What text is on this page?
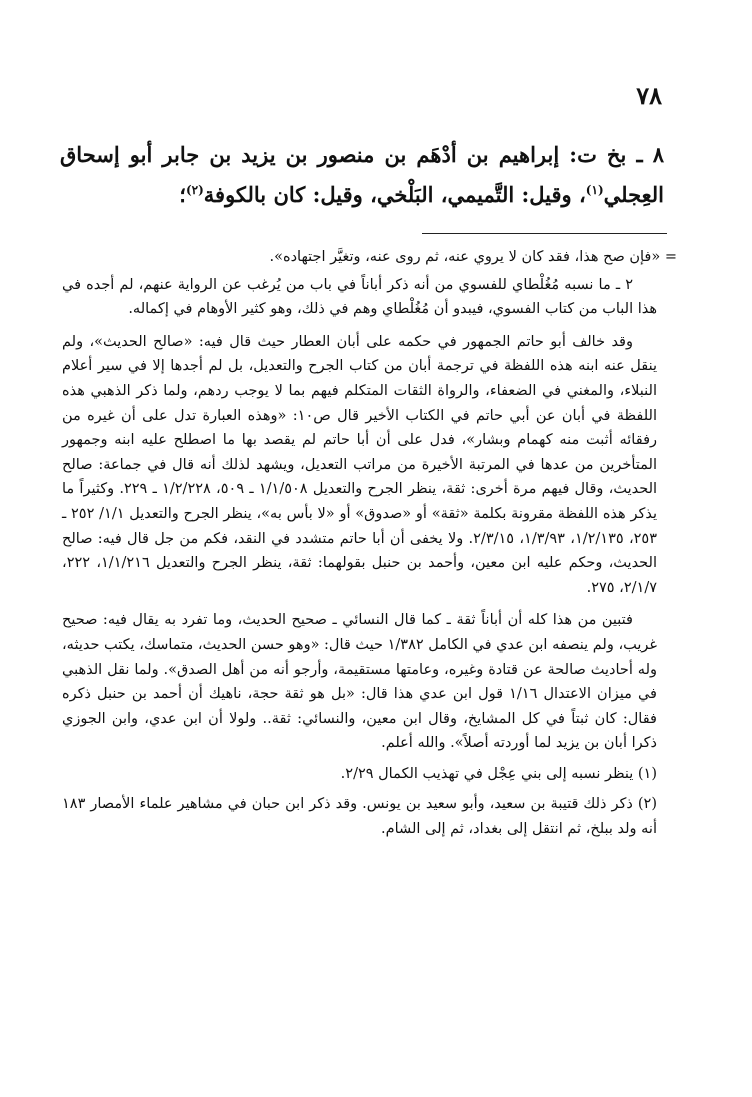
٧٨
٨ ـ بخ ت: إبراهيم بن أدْهَم بن منصور بن يزيد بن جابر أبو إسحاق العِجلي$^{(١)}$، وقيل: التَّميمي، البَلْخي، وقيل: كان بالكوفة$^{(٢)}$؛

= «فإن صح هذا، فقد كان لا يروي عنه، ثم روى عنه، وتغيَّر اجتهاده».

٢ ـ ما نسبه مُغُلْطاي للفسوي من أنه ذكر أباناً في باب من يُرغب عن الرواية عنهم، لم أجده في هذا الباب من كتاب الفسوي، فيبدو أن مُغُلْطاي وهم في ذلك، وهو كثير الأوهام في إكماله.

وقد خالف أبو حاتم الجمهور في حكمه على أبان العطار حيث قال فيه: «صالح الحديث»، ولم ينقل عنه ابنه هذه اللفظة في ترجمة أبان من كتاب الجرح والتعديل، بل لم أجدها إلا في سير أعلام النبلاء، والمغني في الضعفاء، والرواة الثقات المتكلم فيهم بما لا يوجب ردهم، ولما ذكر الذهبي هذه اللفظة في أبان عن أبي حاتم في الكتاب الأخير قال ص١٠: «وهذه العبارة تدل على أن غيره من رفقائه أثبت منه كهمام وبشار»، فدل على أن أبا حاتم لم يقصد بها ما اصطلح عليه ابنه وجمهور المتأخرين من عدها في المرتبة الأخيرة من مراتب التعديل، ويشهد لذلك أنه قال في جماعة: صالح الحديث، وقال فيهم مرة أخرى: ثقة، ينظر الجرح والتعديل ١/١/٥٠٨ ـ ٥٠٩، ١/٢/٢٢٨ ـ ٢٢٩. وكثيراً ما يذكر هذه اللفظة مقرونة بكلمة «ثقة» أو «صدوق» أو «لا بأس به»، ينظر الجرح والتعديل ١/١/ ٢٥٢ ـ ٢٥٣، ١/٢/١٣٥، ١/٣/٩٣، ٢/٣/١٥. ولا يخفى أن أبا حاتم متشدد في النقد، فكم من جل قال فيه: صالح الحديث، وحكم عليه ابن معين، وأحمد بن حنبل بقولهما: ثقة، ينظر الجرح والتعديل ١/١/٢١٦، ٢٢٢، ٢/١/٧، ٢٧٥.

فتبين من هذا كله أن أباناً ثقة ـ كما قال النسائي ـ صحيح الحديث، وما تفرد به يقال فيه: صحيح غريب، ولم ينصفه ابن عدي في الكامل ١/٣٨٢ حيث قال: «وهو حسن الحديث، متماسك، يكتب حديثه، وله أحاديث صالحة عن قتادة وغيره، وعامتها مستقيمة، وأرجو أنه من أهل الصدق». ولما نقل الذهبي في ميزان الاعتدال ١/١٦ قول ابن عدي هذا قال: «بل هو ثقة حجة، ناهيك أن أحمد بن حنبل ذكره فقال: كان ثبتاً في كل المشايخ، وقال ابن معين، والنسائي: ثقة.. ولولا أن ابن عدي، وابن الجوزي ذكرا أبان بن يزيد لما أوردته أصلاً». والله أعلم.

(١) ينظر نسبه إلى بني عِجْل في تهذيب الكمال ٢/٢٩.

(٢) ذكر ذلك قتيبة بن سعيد، وأبو سعيد بن يونس. وقد ذكر ابن حبان في مشاهير علماء الأمصار ١٨٣ أنه ولد ببلخ، ثم انتقل إلى بغداد، ثم إلى الشام.
